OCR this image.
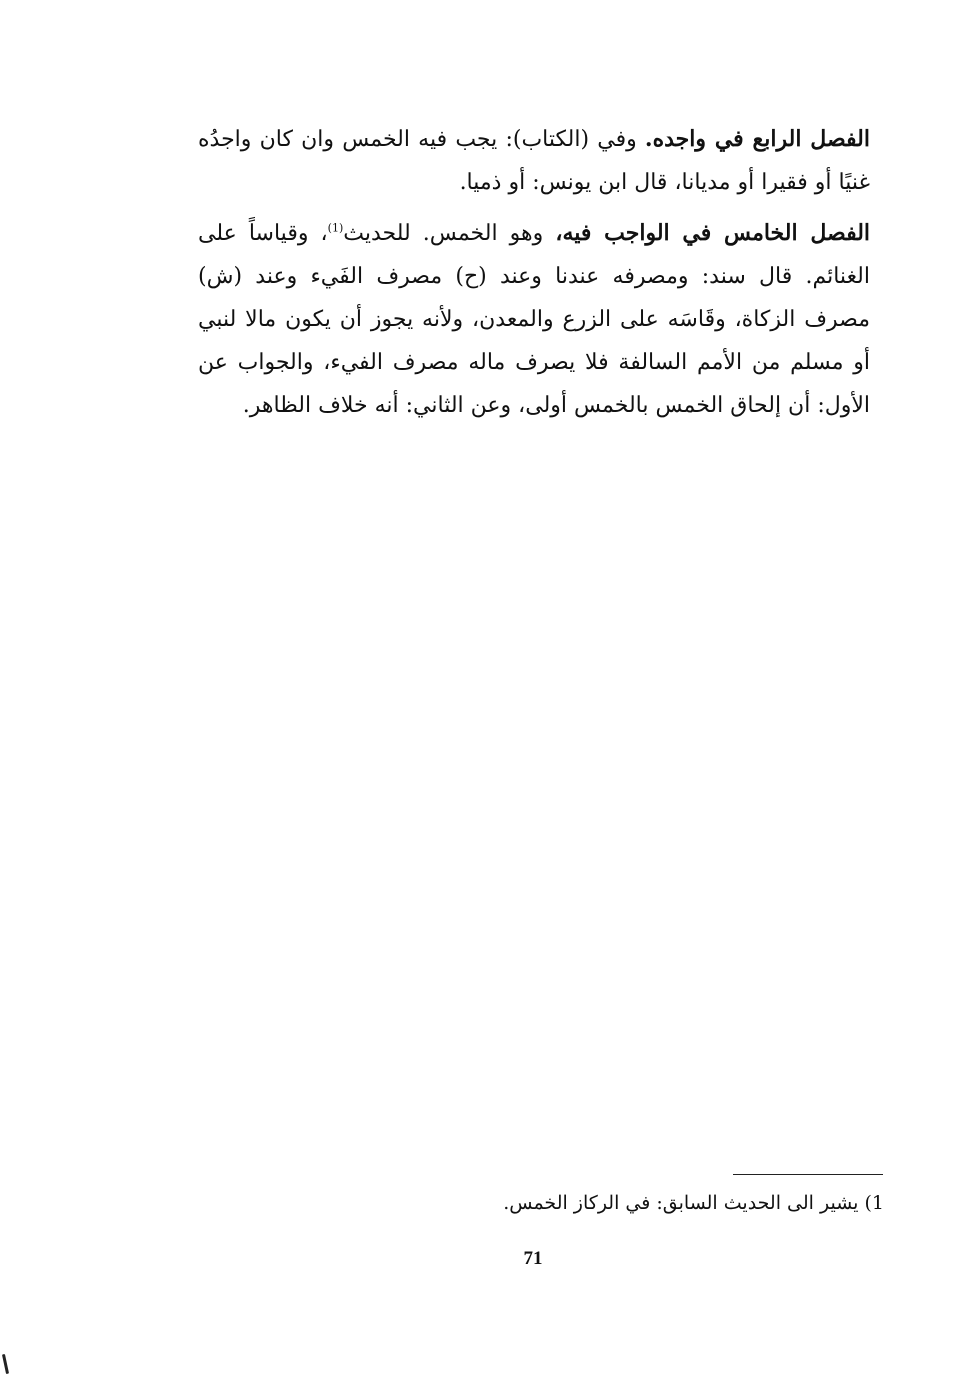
الفصل الرابع في واجده. وفي (الكتاب): يجب فيه الخمس وان كان واجدُه غنيًا أو فقيرا أو مديانا، قال ابن يونس: أو ذميا.

الفصل الخامس في الواجب فيه، وهو الخمس. للحديث$^{(1)}$، وقياساً على الغنائم. قال سند: ومصرفه عندنا وعند (ح) مصرف الفَيء وعند (ش) مصرف الزكاة، وقَاسَه على الزرع والمعدن، ولأنه يجوز أن يكون مالا لنبي أو مسلم من الأمم السالفة فلا يصرف ماله مصرف الفيء، والجواب عن الأول: أن إلحاق الخمس بالخمس أولى، وعن الثاني: أنه خلاف الظاهر.

1) يشير الى الحديث السابق: في الركاز الخمس.
71
